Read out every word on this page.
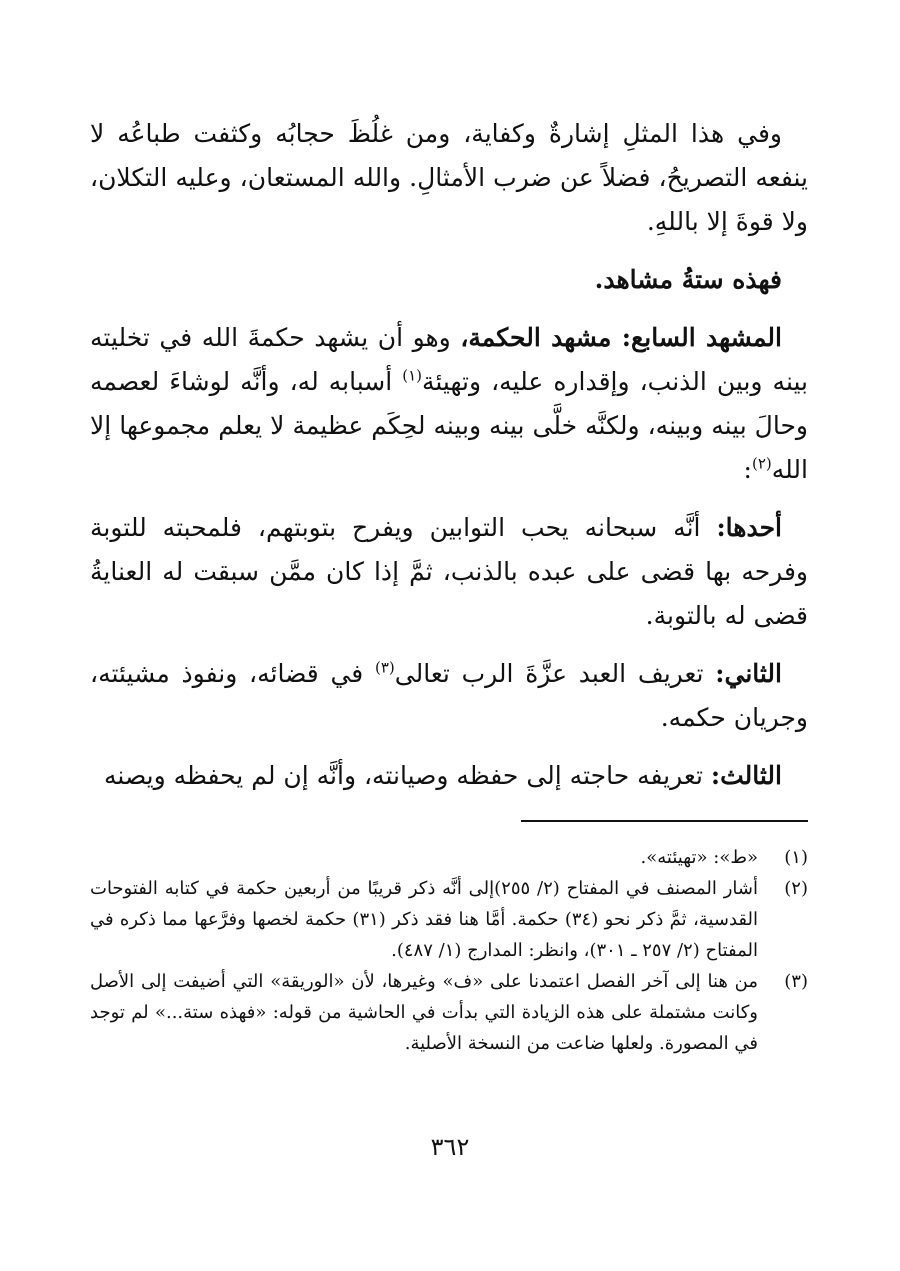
وفي هذا المثلِ إشارةٌ وكفاية، ومن غلُظَ حجابُه وكثفت طباعُه لا ينفعه التصريحُ، فضلاً عن ضرب الأمثالِ. والله المستعان، وعليه التكلان، ولا قوةَ إلا باللهِ.

فهذه ستةُ مشاهد.

المشهد السابع: مشهد الحكمة، وهو أن يشهد حكمةَ الله في تخليته بينه وبين الذنب، وإقداره عليه، وتهيئة$^{(١)}$ أسبابه له، وأنَّه لوشاءَ لعصمه وحالَ بينه وبينه، ولكنَّه خلَّى بينه وبينه لحِكَم عظيمة لا يعلم مجموعها إلا الله$^{(٢)}$:

أحدها: أنَّه سبحانه يحب التوابين ويفرح بتوبتهم، فلمحبته للتوبة وفرحه بها قضى على عبده بالذنب، ثمَّ إذا كان ممَّن سبقت له العنايةُ قضى له بالتوبة.

الثاني: تعريف العبد عزَّةَ الرب تعالى$^{(٣)}$ في قضائه، ونفوذ مشيئته، وجريان حكمه.

الثالث: تعريفه حاجته إلى حفظه وصيانته، وأنَّه إن لم يحفظه ويصنه

(١)
«ط»: «تهيئته».
(٢)
أشار المصنف في المفتاح (٢/ ٢٥٥)إلى أنَّه ذكر قريبًا من أربعين حكمة في كتابه الفتوحات القدسية، ثمَّ ذكر نحو (٣٤) حكمة. أمَّا هنا فقد ذكر (٣١) حكمة لخصها وفرَّعها مما ذكره في المفتاح (٢/ ٢٥٧ ـ ٣٠١)، وانظر: المدارج (١/ ٤٨٧).
(٣)
من هنا إلى آخر الفصل اعتمدنا على «ف» وغيرها، لأن «الوريقة» التي أضيفت إلى الأصل وكانت مشتملة على هذه الزيادة التي بدأت في الحاشية من قوله: «فهذه ستة...» لم توجد في المصورة. ولعلها ضاعت من النسخة الأصلية.
٣٦٢
